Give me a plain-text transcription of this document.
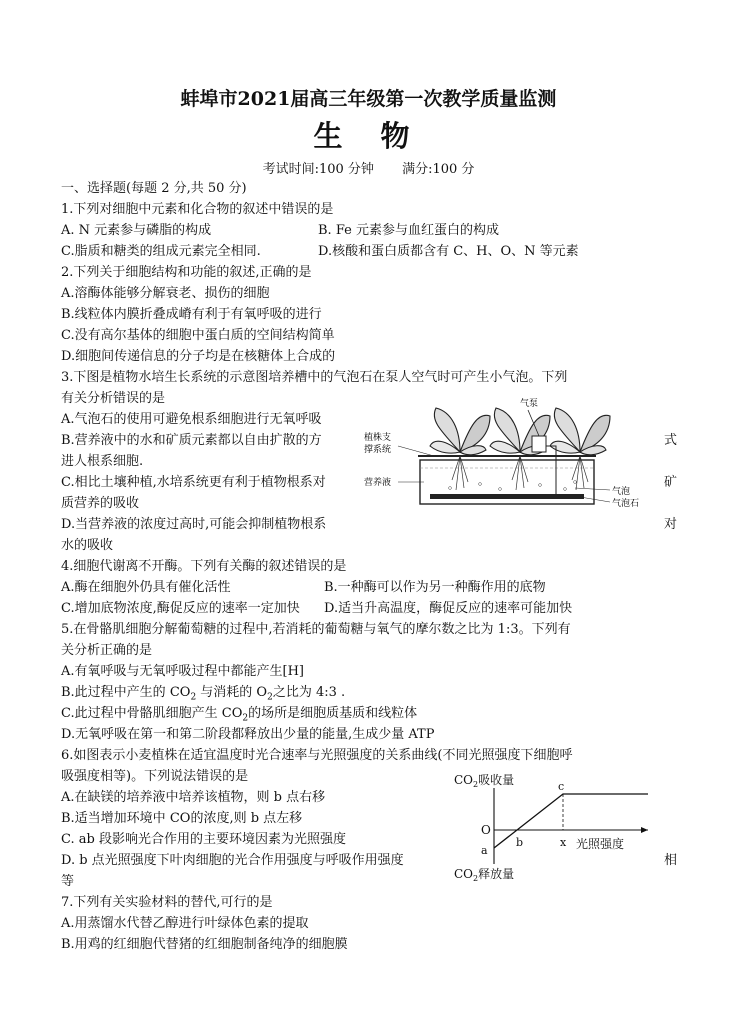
蚌埠市2021届高三年级第一次教学质量监测
生 物
考试时间:100 分钟 满分:100 分
一、选择题(每题 2 分,共 50 分)
1.下列对细胞中元素和化合物的叙述中错误的是
A. N 元素参与磷脂的构成	B. Fe 元素参与血红蛋白的构成
C.脂质和糖类的组成元素完全相同.	D.核酸和蛋白质都含有 C、H、O、N 等元素
2.下列关于细胞结构和功能的叙述,正确的是
A.溶酶体能够分解衰老、损伤的细胞
B.线粒体内膜折叠成嵴有利于有氧呼吸的进行
C.没有高尔基体的细胞中蛋白质的空间结构简单
D.细胞间传递信息的分子均是在核糖体上合成的
3.下图是植物水培生长系统的示意图培养槽中的气泡石在泵人空气时可产生小气泡。下列
有关分析错误的是
A.气泡石的使用可避免根系细胞进行无氧呼吸
B.营养液中的水和矿质元素都以自由扩散的方	式
进人根系细胞.
C.相比土壤种植,水培系统更有利于植物根系对	矿
质营养的吸收
D.当营养液的浓度过高时,可能会抑制植物根系	对
水的吸收
气泵
植株支
撑系统
营养液
气泡
气泡石
4.细胞代谢离不开酶。下列有关酶的叙述错误的是
A.酶在细胞外仍具有催化活性	B.一种酶可以作为另一种酶作用的底物
C.增加底物浓度,酶促反应的速率一定加快 D.适当升高温度，酶促反应的速率可能加快
5.在骨骼肌细胞分解葡萄糖的过程中,若消耗的葡萄糖与氧气的摩尔数之比为 1:3。下列有
关分析正确的是
A.有氧呼吸与无氧呼吸过程中都能产生[H]
B.此过程中产生的 $CO_2$ 与消耗的 $O_2$之比为 4:3 .
C.此过程中骨骼肌细胞产生 $CO_2$的场所是细胞质基质和线粒体
D.无氧呼吸在第一和第二阶段都释放出少量的能量,生成少量 ATP
6.如图表示小麦植株在适宜温度时光合速率与光照强度的关系曲线(不同光照强度下细胞呼
吸强度相等)。下列说法错误的是
A.在缺镁的培养液中培养该植物，则 b 点右移
B.适当增加环境中 CO的浓度,则 b 点左移
C. ab 段影响光合作用的主要环境因素为光照强度
D. b 点光照强度下叶肉细胞的光合作用强度与呼吸作用强度	相
等
$CO_2$吸收量
$CO_2$释放量
光照强度
O
a
b
c
x
7.下列有关实验材料的替代,可行的是
A.用蒸馏水代替乙醇进行叶绿体色素的提取
B.用鸡的红细胞代替猪的红细胞制备纯净的细胞膜
